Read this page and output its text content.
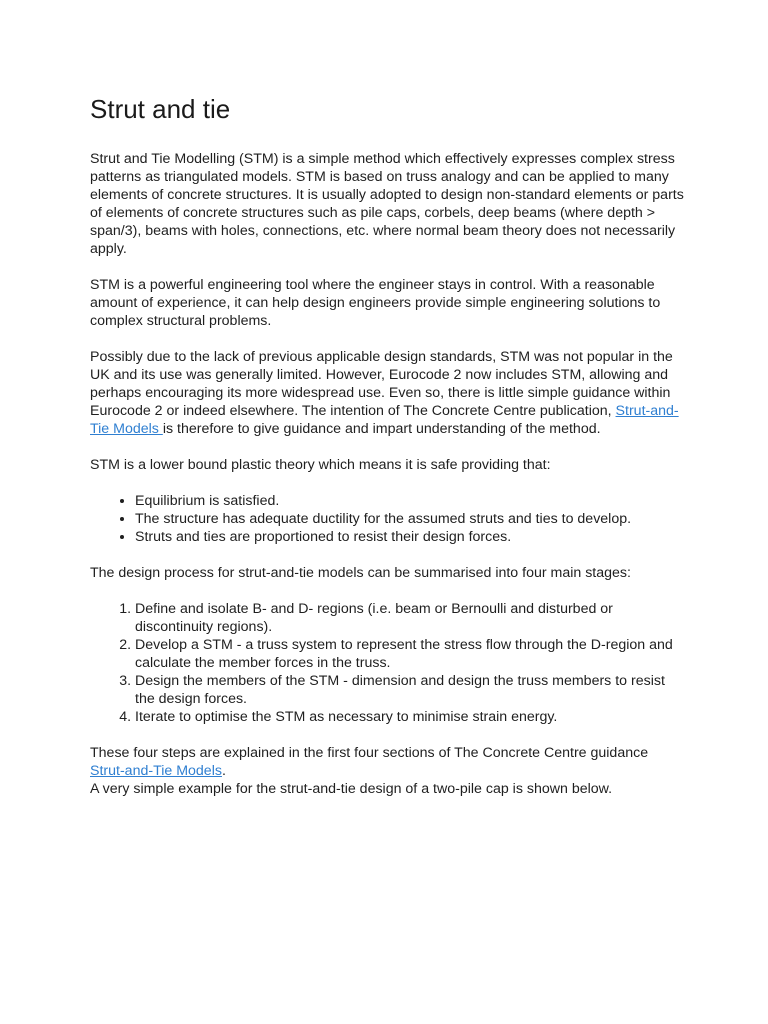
Strut and tie

Strut and Tie Modelling (STM) is a simple method which effectively expresses complex stress patterns as triangulated models. STM is based on truss analogy and can be applied to many elements of concrete structures. It is usually adopted to design non-standard elements or parts of elements of concrete structures such as pile caps, corbels, deep beams (where depth > span/3), beams with holes, connections, etc. where normal beam theory does not necessarily apply.

STM is a powerful engineering tool where the engineer stays in control. With a reasonable amount of experience, it can help design engineers provide simple engineering solutions to complex structural problems.

Possibly due to the lack of previous applicable design standards, STM was not popular in the UK and its use was generally limited. However, Eurocode 2 now includes STM, allowing and perhaps encouraging its more widespread use. Even so, there is little simple guidance within Eurocode 2 or indeed elsewhere. The intention of The Concrete Centre publication, Strut-and-Tie Models is therefore to give guidance and impart understanding of the method.

STM is a lower bound plastic theory which means it is safe providing that:

• Equilibrium is satisfied.
• The structure has adequate ductility for the assumed struts and ties to develop.
• Struts and ties are proportioned to resist their design forces.

The design process for strut-and-tie models can be summarised into four main stages:

1. Define and isolate B- and D- regions (i.e. beam or Bernoulli and disturbed or discontinuity regions).
2. Develop a STM - a truss system to represent the stress flow through the D-region and calculate the member forces in the truss.
3. Design the members of the STM - dimension and design the truss members to resist the design forces.
4. Iterate to optimise the STM as necessary to minimise strain energy.

These four steps are explained in the first four sections of The Concrete Centre guidance Strut-and-Tie Models.

A very simple example for the strut-and-tie design of a two-pile cap is shown below.
